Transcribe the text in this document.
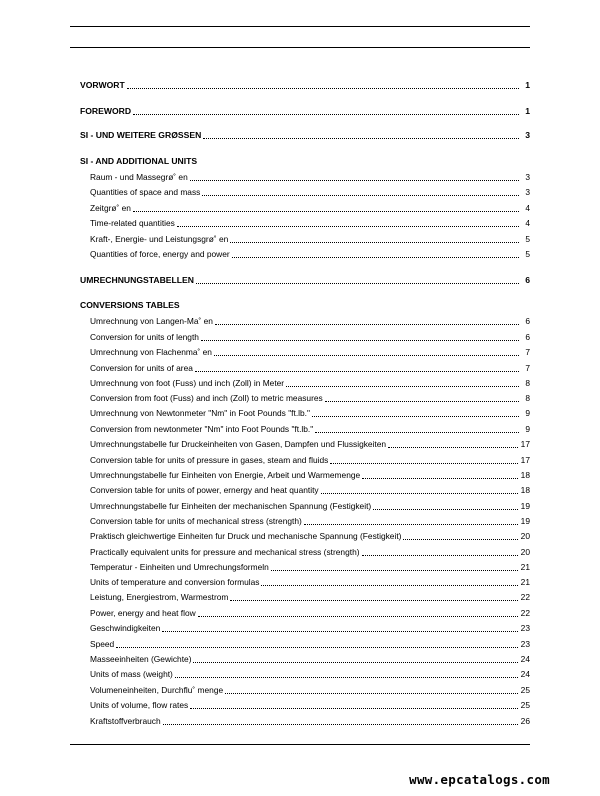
VORWORT	1
FOREWORD	1
SI - UND WEITERE GRØSSEN	3
SI - AND ADDITIONAL UNITS
Raum - und Massegrø˚ en	3
Quantities of space and mass	3
Zeitgrø˚ en	4
Time-related quantities	4
Kraft-, Energie- und Leistungsgrø˚ en	5
Quantities of force, energy and power	5
UMRECHNUNGSTABELLEN	6
CONVERSIONS TABLES
Umrechnung von Langen-Ma˚ en	6
Conversion for units of length	6
Umrechnung von Flachenma˚ en	7
Conversion for units of area	7
Umrechnung von foot (Fuss) und inch (Zoll) in Meter	8
Conversion from foot (Fuss) and inch (Zoll) to metric measures	8
Umrechnung von Newtonmeter "Nm" in Foot Pounds "ft.lb."	9
Conversion from newtonmeter "Nm" into Foot Pounds "ft.lb."	9
Umrechnungstabelle fur Druckeinheiten von Gasen, Dampfen und Flussigkeiten	17
Conversion table for units of pressure in gases, steam and fluids	17
Umrechnungstabelle fur Einheiten von Energie, Arbeit und Warmemenge	18
Conversion table for units of power, ernergy and heat quantity	18
Umrechnungstabelle fur Einheiten der mechanischen Spannung (Festigkeit)	19
Conversion table for units of mechanical stress (strength)	19
Praktisch gleichwertige Einheiten fur Druck und mechanische Spannung (Festigkeit)	20
Practically equivalent units for pressure and mechanical stress (strength)	20
Temperatur - Einheiten und Umrechungsformeln	21
Units of temperature and conversion formulas	21
Leistung, Energiestrom, Warmestrom	22
Power, energy and heat flow	22
Geschwindigkeiten	23
Speed	23
Masseeinheiten (Gewichte)	24
Units of mass (weight)	24
Volumeneinheiten, Durchflu˚ menge	25
Units of volume, flow rates	25
Kraftstoffverbrauch	26
www.epcatalogs.com
